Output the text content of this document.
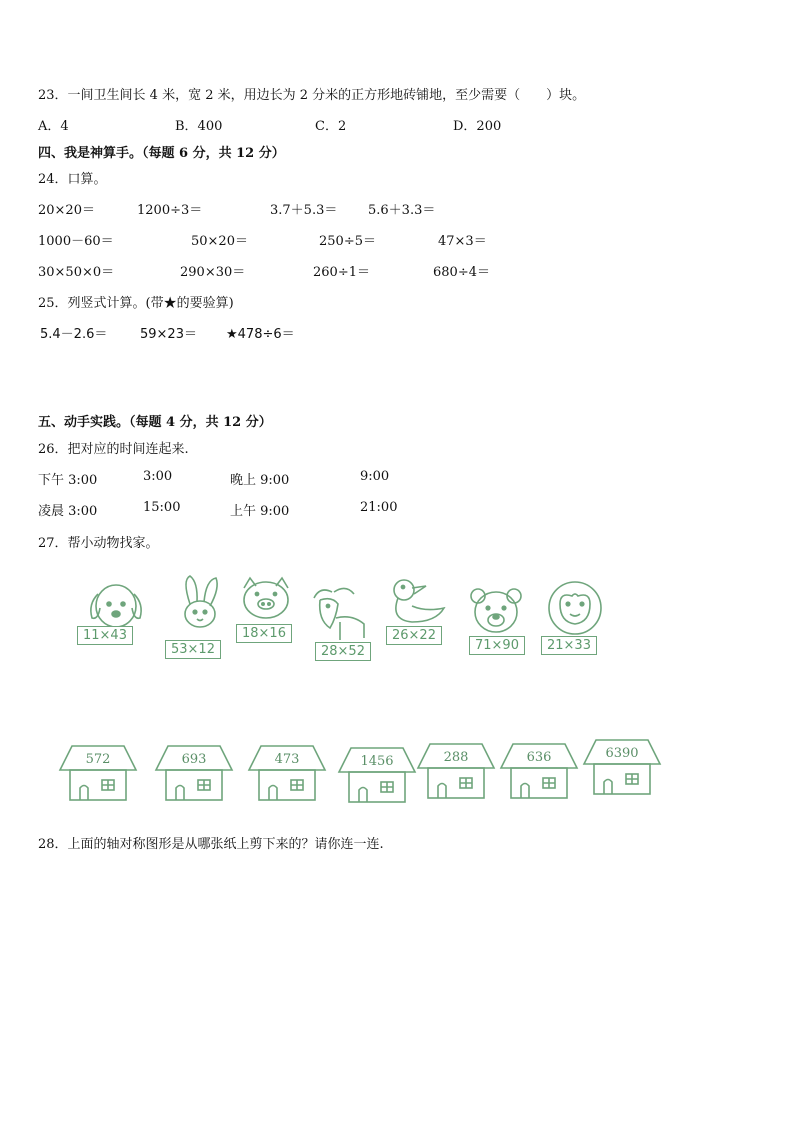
23．一间卫生间长 4 米，宽 2 米，用边长为 2 分米的正方形地砖铺地，至少需要（　　）块。
A．4	B．400	C．2	D．200
四、我是神算手。（每题 6 分，共 12 分）
24．口算。
20×20＝	1200÷3＝	3.7＋5.3＝ 5.6＋3.3＝
1000－60＝	50×20＝	250÷5＝	47×3＝
30×50×0＝	290×30＝	260÷1＝	680÷4＝
25．列竖式计算。(带★的要验算)
5.4－2.6＝	59×23＝ ★478÷6＝
五、动手实践。（每题 4 分，共 12 分）
26．把对应的时间连起来.
下午 3:00	3:00	晚上 9:00	9:00
凌晨 3:00	15:00	上午 9:00	21:00
27．帮小动物找家。
11×43
53×12
18×16
28×52
26×22
71×90	21×33
572	693	473	1456	288	636	6390
28．上面的轴对称图形是从哪张纸上剪下来的？请你连一连.
